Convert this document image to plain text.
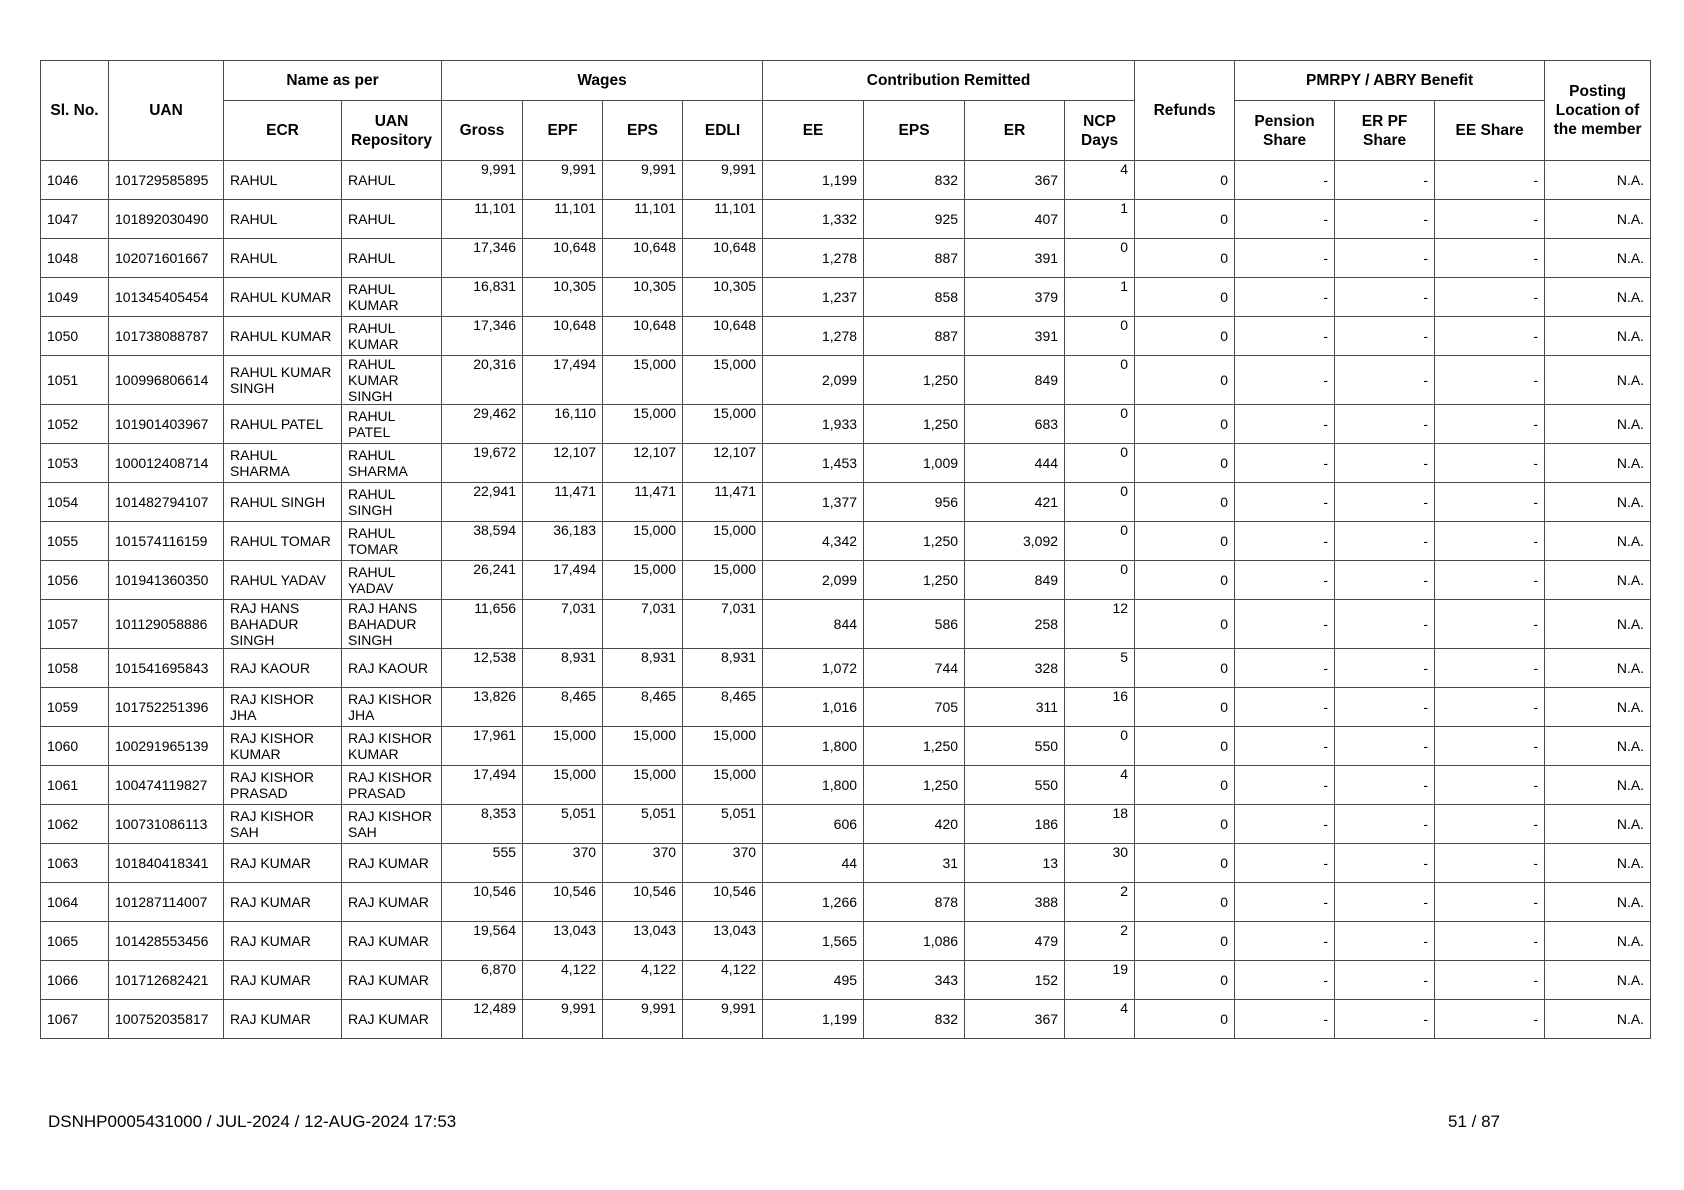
Sl. No.	UAN	Name as per		Wages				Contribution Remitted				Refunds	PMRPY / ABRY Benefit			Posting Location of the member
		ECR	UAN Repository	Gross	EPF	EPS	EDLI	EE	EPS	ER	NCP Days		Pension Share	ER PF Share	EE Share	
1046	101729585895	RAHUL	RAHUL	9,991	9,991	9,991	9,991	1,199	832	367	4	0	-	-	-	N.A.
1047	101892030490	RAHUL	RAHUL	11,101	11,101	11,101	11,101	1,332	925	407	1	0	-	-	-	N.A.
1048	102071601667	RAHUL	RAHUL	17,346	10,648	10,648	10,648	1,278	887	391	0	0	-	-	-	N.A.
1049	101345405454	RAHUL KUMAR	RAHUL KUMAR	16,831	10,305	10,305	10,305	1,237	858	379	1	0	-	-	-	N.A.
1050	101738088787	RAHUL KUMAR	RAHUL KUMAR	17,346	10,648	10,648	10,648	1,278	887	391	0	0	-	-	-	N.A.
1051	100996806614	RAHUL KUMAR SINGH	RAHUL KUMAR SINGH	20,316	17,494	15,000	15,000	2,099	1,250	849	0	0	-	-	-	N.A.
1052	101901403967	RAHUL PATEL	RAHUL PATEL	29,462	16,110	15,000	15,000	1,933	1,250	683	0	0	-	-	-	N.A.
1053	100012408714	RAHUL SHARMA	RAHUL SHARMA	19,672	12,107	12,107	12,107	1,453	1,009	444	0	0	-	-	-	N.A.
1054	101482794107	RAHUL SINGH	RAHUL SINGH	22,941	11,471	11,471	11,471	1,377	956	421	0	0	-	-	-	N.A.
1055	101574116159	RAHUL TOMAR	RAHUL TOMAR	38,594	36,183	15,000	15,000	4,342	1,250	3,092	0	0	-	-	-	N.A.
1056	101941360350	RAHUL YADAV	RAHUL YADAV	26,241	17,494	15,000	15,000	2,099	1,250	849	0	0	-	-	-	N.A.
1057	101129058886	RAJ HANS BAHADUR SINGH	RAJ HANS BAHADUR SINGH	11,656	7,031	7,031	7,031	844	586	258	12	0	-	-	-	N.A.
1058	101541695843	RAJ KAOUR	RAJ KAOUR	12,538	8,931	8,931	8,931	1,072	744	328	5	0	-	-	-	N.A.
1059	101752251396	RAJ KISHOR JHA	RAJ KISHOR JHA	13,826	8,465	8,465	8,465	1,016	705	311	16	0	-	-	-	N.A.
1060	100291965139	RAJ KISHOR KUMAR	RAJ KISHOR KUMAR	17,961	15,000	15,000	15,000	1,800	1,250	550	0	0	-	-	-	N.A.
1061	100474119827	RAJ KISHOR PRASAD	RAJ KISHOR PRASAD	17,494	15,000	15,000	15,000	1,800	1,250	550	4	0	-	-	-	N.A.
1062	100731086113	RAJ KISHOR SAH	RAJ KISHOR SAH	8,353	5,051	5,051	5,051	606	420	186	18	0	-	-	-	N.A.
1063	101840418341	RAJ KUMAR	RAJ KUMAR	555	370	370	370	44	31	13	30	0	-	-	-	N.A.
1064	101287114007	RAJ KUMAR	RAJ KUMAR	10,546	10,546	10,546	10,546	1,266	878	388	2	0	-	-	-	N.A.
1065	101428553456	RAJ KUMAR	RAJ KUMAR	19,564	13,043	13,043	13,043	1,565	1,086	479	2	0	-	-	-	N.A.
1066	101712682421	RAJ KUMAR	RAJ KUMAR	6,870	4,122	4,122	4,122	495	343	152	19	0	-	-	-	N.A.
1067	100752035817	RAJ KUMAR	RAJ KUMAR	12,489	9,991	9,991	9,991	1,199	832	367	4	0	-	-	-	N.A.
DSNHP0005431000 / JUL-2024 / 12-AUG-2024 17:53	51 / 87
